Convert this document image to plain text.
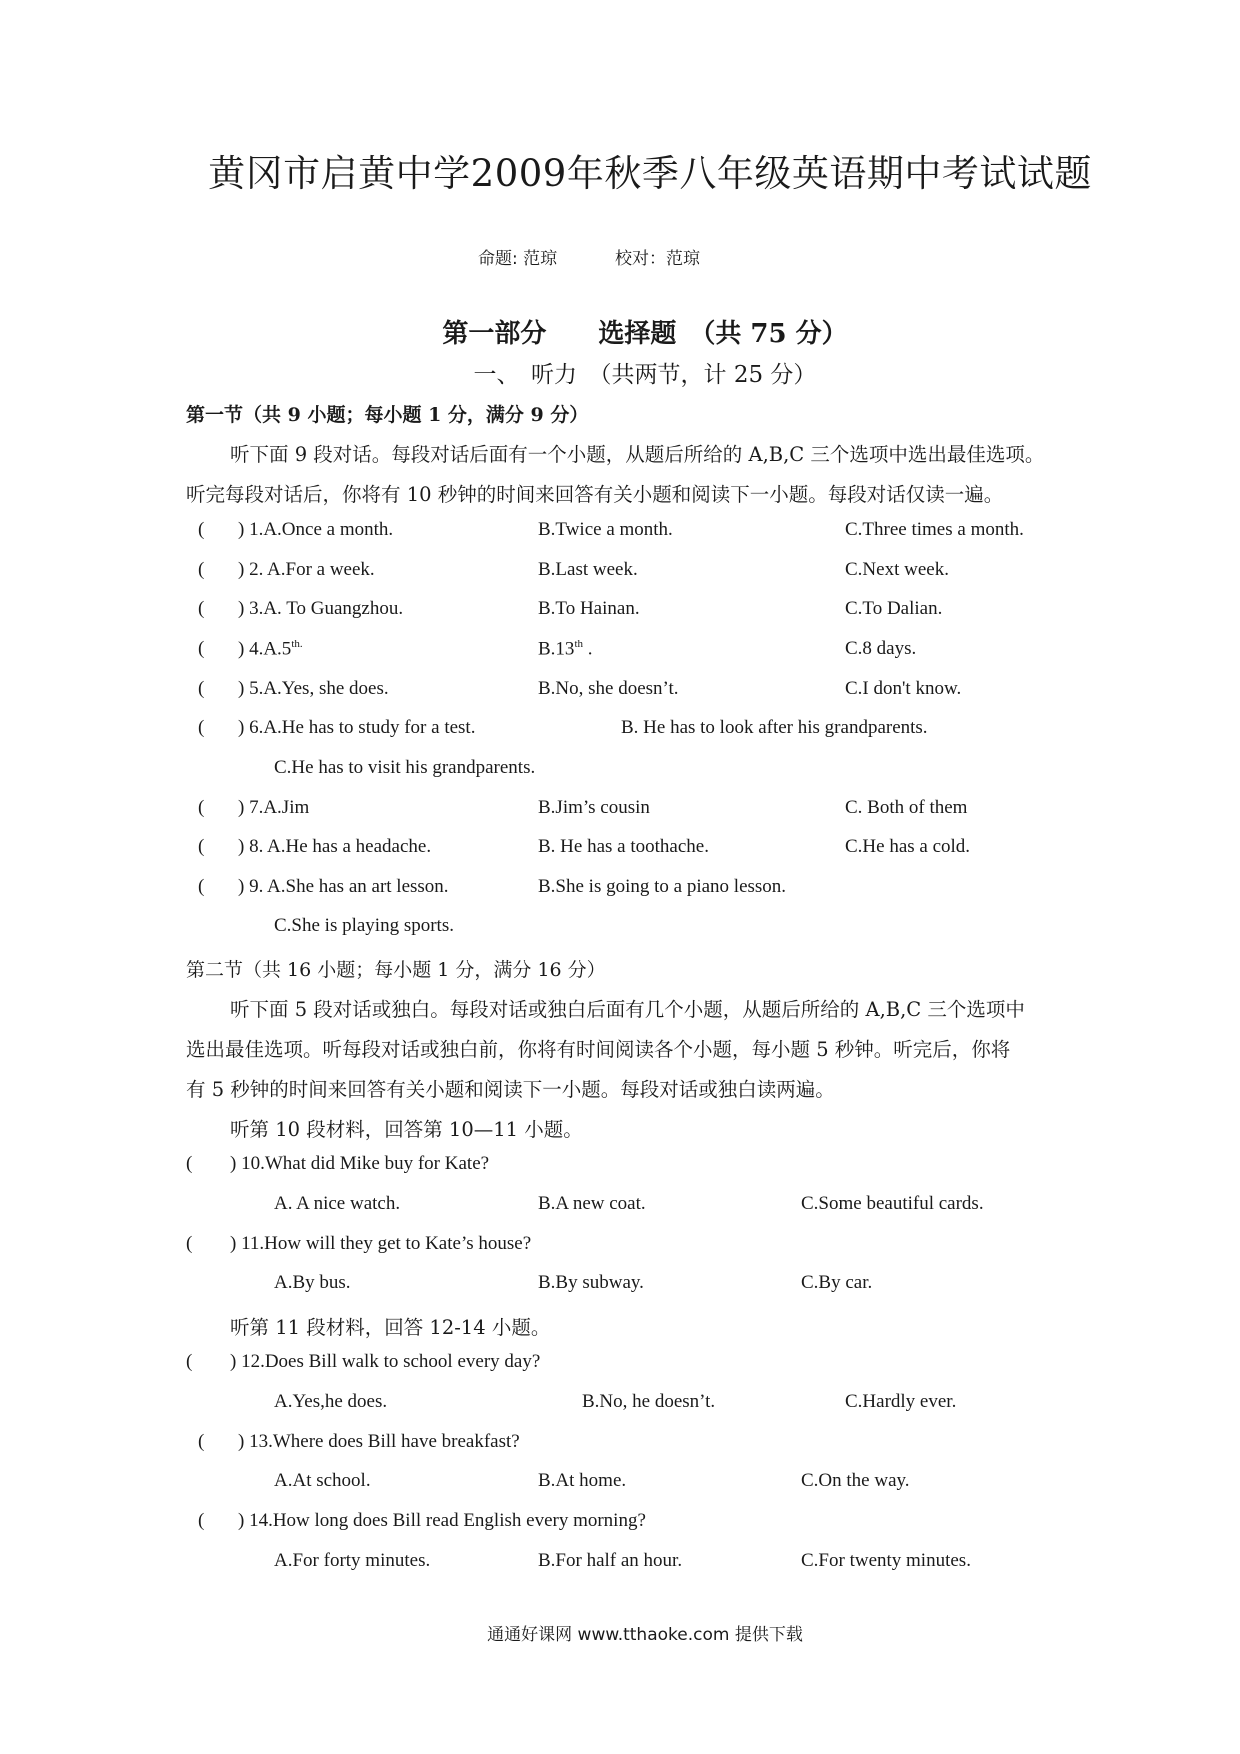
黄冈市启黄中学2009年秋季八年级英语期中考试试题
命题: 范琼	校对：范琼
第一部分　　选择题　（共 75 分）
一、　听力　（共两节，计 25 分）
第一节（共 9 小题；每小题 1 分，满分 9 分）
听下面 9 段对话。每段对话后面有一个小题，从题后所给的 A,B,C 三个选项中选出最佳选项。
听完每段对话后，你将有 10 秒钟的时间来回答有关小题和阅读下一小题。每段对话仅读一遍。
(	) 1.A.Once a month.	B.Twice a month.	C.Three times a month.
(	) 2. A.For a week.	B.Last week.	C.Next week.
(	) 3.A. To Guangzhou.	B.To Hainan.	C.To Dalian.
(	) $4.A.5^{th.}$	B.13th .	C.8 days.
(	) 5.A.Yes, she does.	B.No, she doesn’t.	C.I don't know.
(	) 6.A.He has to study for a test.	B. He has to look after his grandparents.
C.He has to visit his grandparents.
(	) 7.A.Jim	B.Jim’s cousin	C. Both of them
(	) 8. A.He has a headache.	B. He has a toothache.	C.He has a cold.
(	) 9. A.She has an art lesson.	B.She is going to a piano lesson.
C.She is playing sports.
第二节（共 16 小题；每小题 1 分，满分 16 分）
听下面 5 段对话或独白。每段对话或独白后面有几个小题，从题后所给的 A,B,C 三个选项中
选出最佳选项。听每段对话或独白前，你将有时间阅读各个小题，每小题 5 秒钟。听完后，你将
有 5 秒钟的时间来回答有关小题和阅读下一小题。每段对话或独白读两遍。
听第 10 段材料，回答第 10—11 小题。
(	) 10.What did Mike buy for Kate?
A. A nice watch.	B.A new coat.	C.Some beautiful cards.
(	) 11.How will they get to Kate’s house?
A.By bus.	B.By subway.	C.By car.
听第 11 段材料，回答 12-14 小题。
(	) 12.Does Bill walk to school every day?
A.Yes,he does.	B.No, he doesn’t.	C.Hardly ever.
(	) 13.Where does Bill have breakfast?
A.At school.	B.At home.	C.On the way.
(	) 14.How long does Bill read English every morning?
A.For forty minutes.	B.For half an hour.	C.For twenty minutes.
通通好课网 www.tthaoke.com 提供下载
